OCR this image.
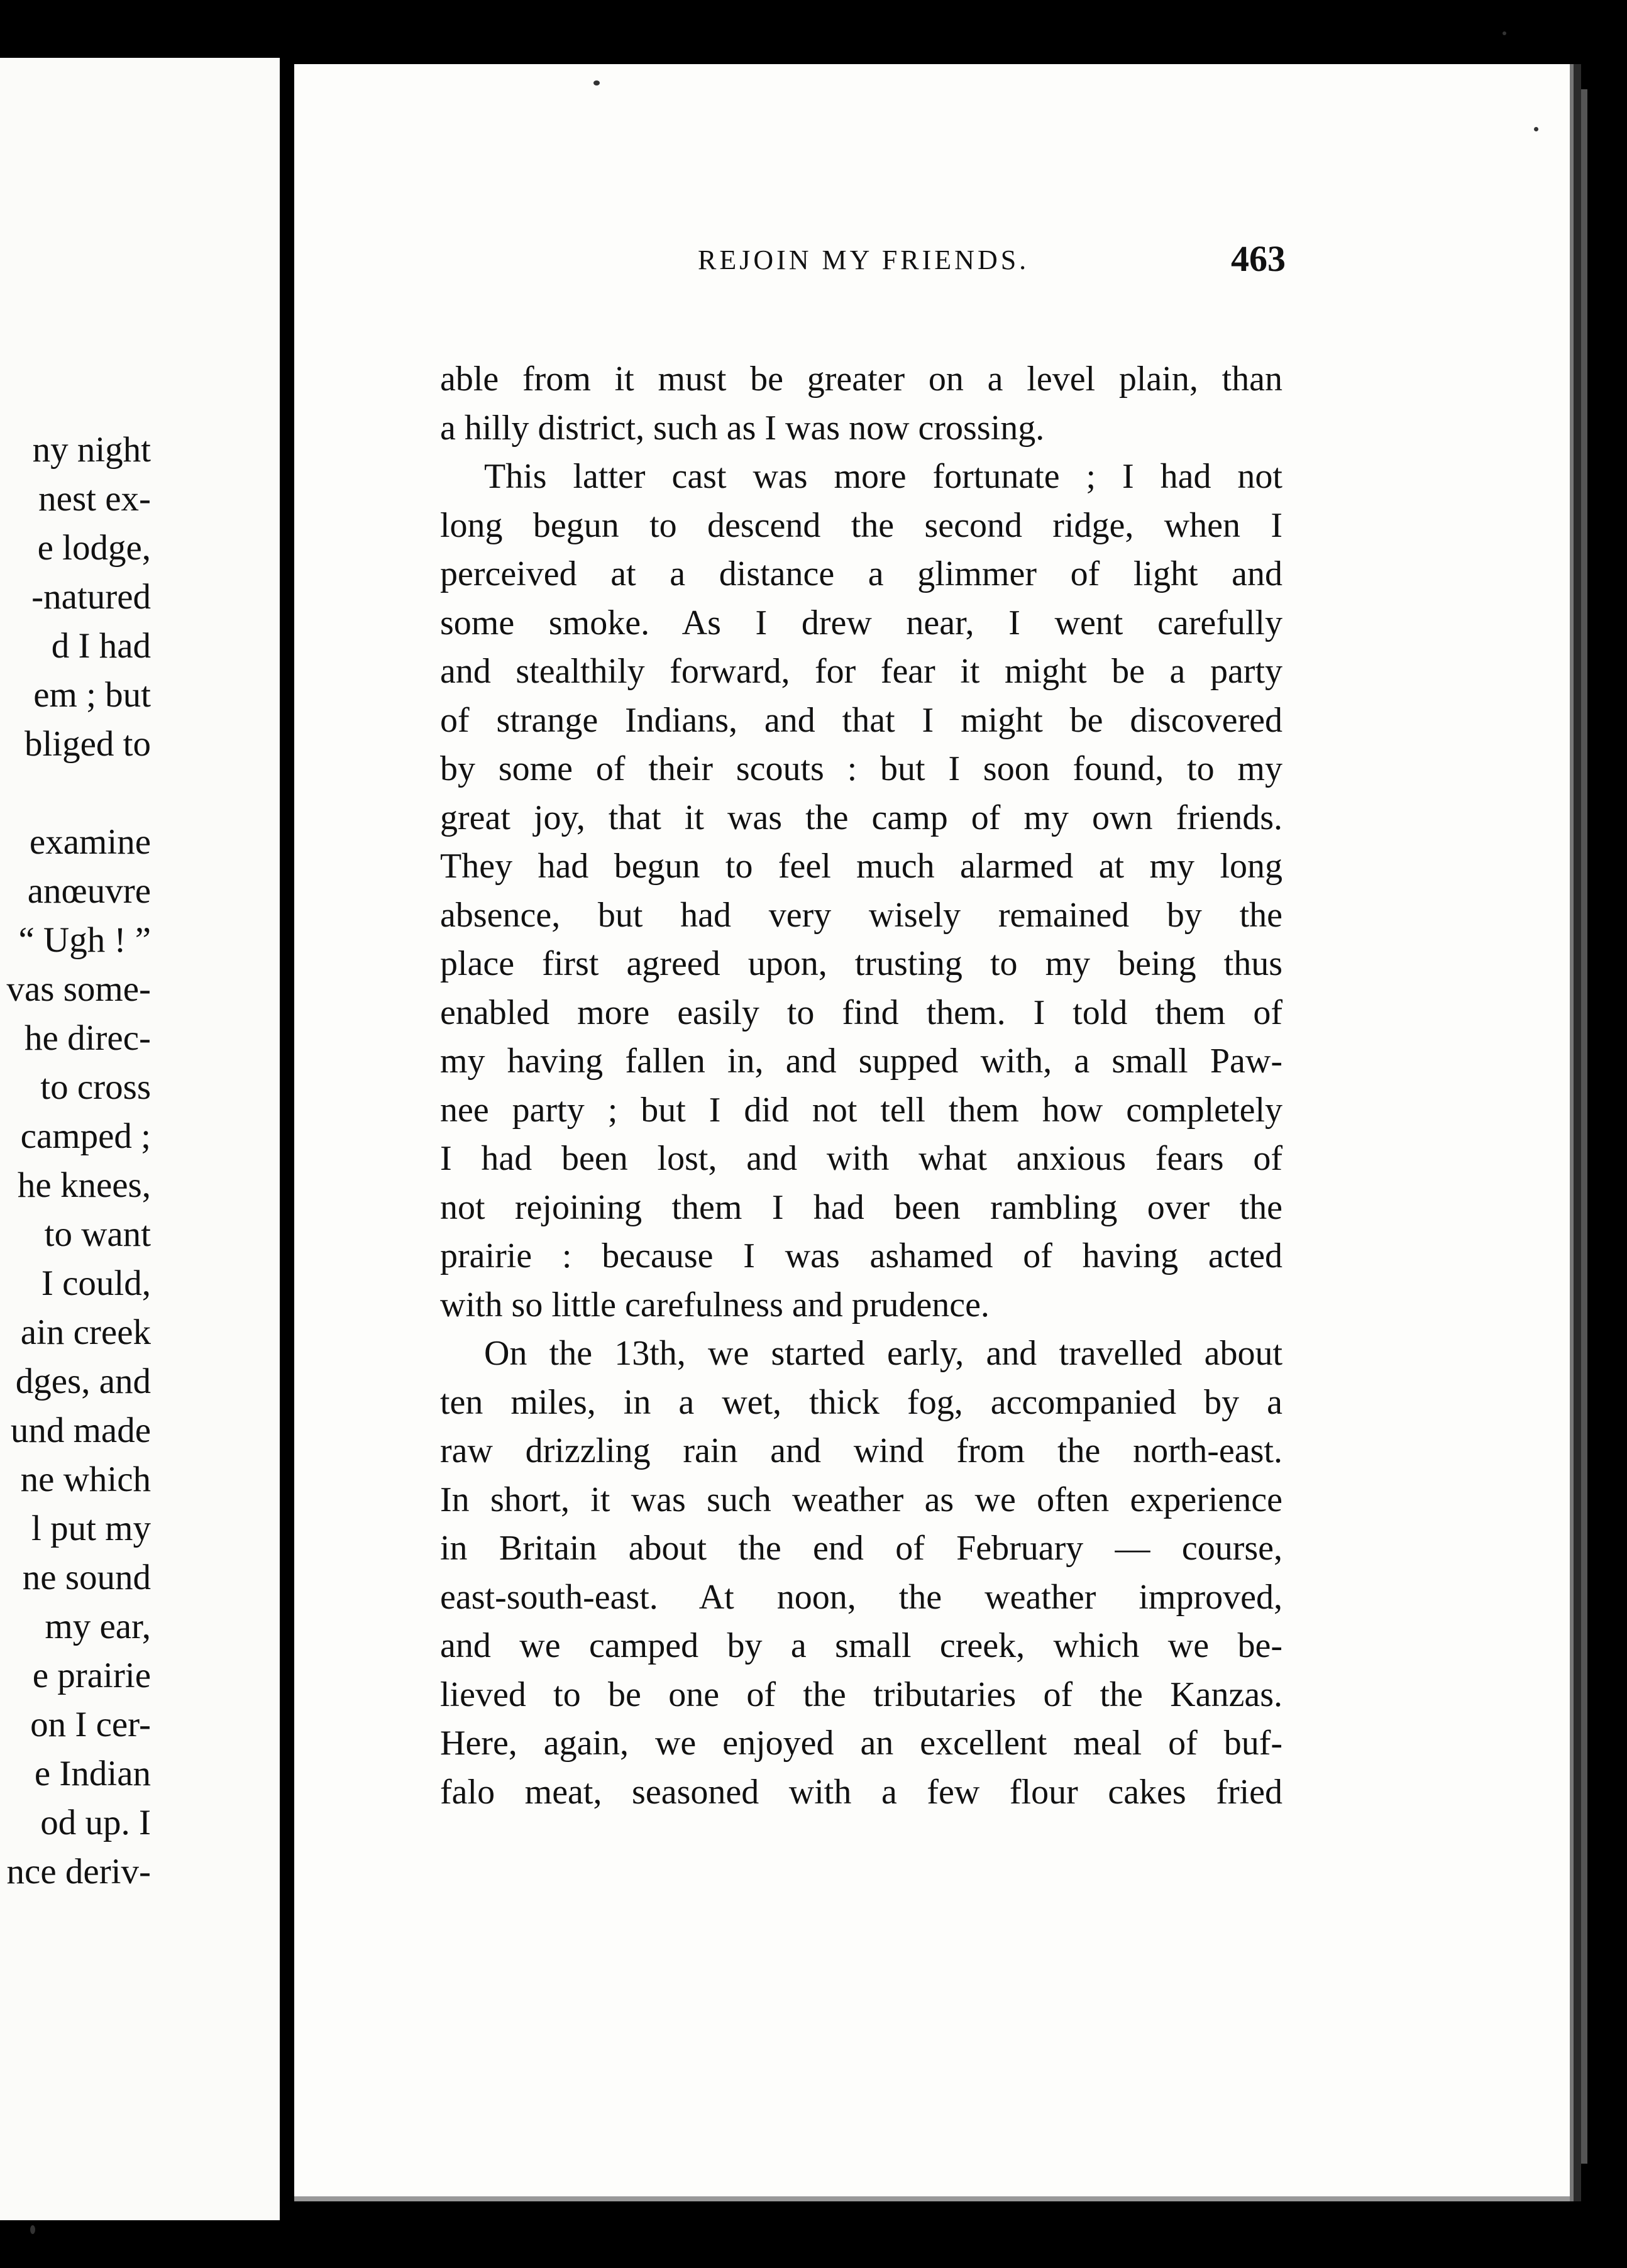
ny night
nest ex-
e lodge,
-natured
d I had
em ; but
bliged to

examine
anœuvre
“ Ugh ! ”
vas some-
he direc-
to cross
camped ;
he knees,
to want
I could,
ain creek
dges, and
und made
ne which
l put my
ne sound
my ear,
e prairie
on I cer-
e Indian
od up. I
nce deriv-
REJOIN MY FRIENDS.	463
able from it must be greater on a level plain, than
a hilly district, such as I was now crossing.
This latter cast was more fortunate ; I had not
long begun to descend the second ridge, when I
perceived at a distance a glimmer of light and
some smoke. As I drew near, I went carefully
and stealthily forward, for fear it might be a party
of strange Indians, and that I might be discovered
by some of their scouts : but I soon found, to my
great joy, that it was the camp of my own friends.
They had begun to feel much alarmed at my long
absence, but had very wisely remained by the
place first agreed upon, trusting to my being thus
enabled more easily to find them. I told them of
my having fallen in, and supped with, a small Paw-
nee party ; but I did not tell them how completely
I had been lost, and with what anxious fears of
not rejoining them I had been rambling over the
prairie : because I was ashamed of having acted
with so little carefulness and prudence.
On the 13th, we started early, and travelled about
ten miles, in a wet, thick fog, accompanied by a
raw drizzling rain and wind from the north-east.
In short, it was such weather as we often experience
in Britain about the end of February — course,
east-south-east. At noon, the weather improved,
and we camped by a small creek, which we be-
lieved to be one of the tributaries of the Kanzas.
Here, again, we enjoyed an excellent meal of buf-
falo meat, seasoned with a few flour cakes fried
